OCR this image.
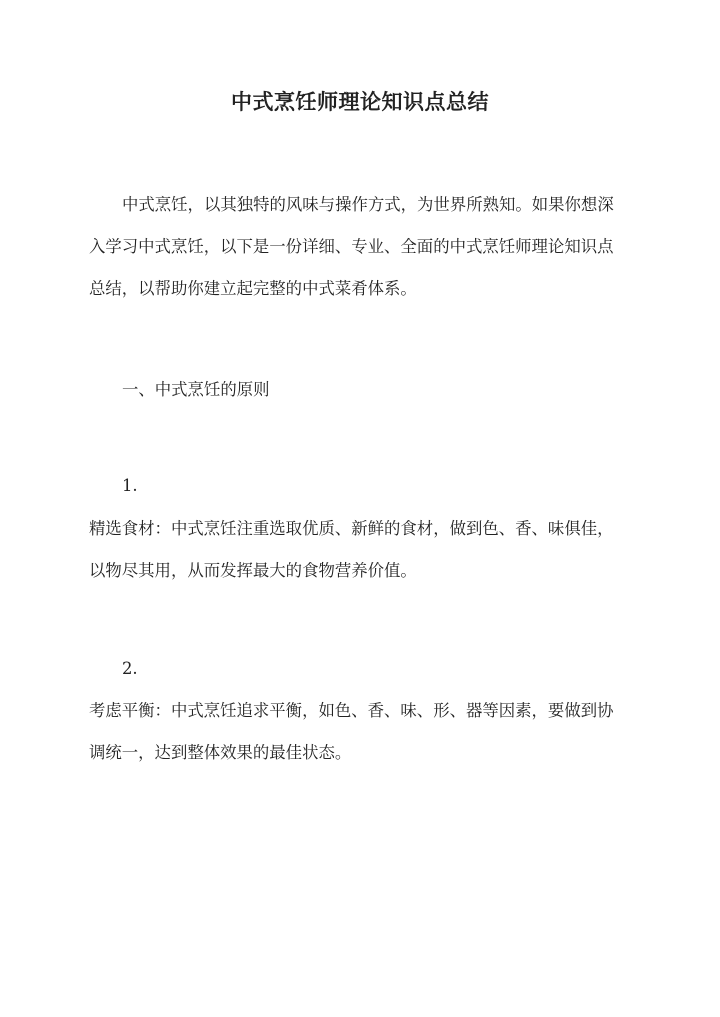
中式烹饪师理论知识点总结

中式烹饪，以其独特的风味与操作方式，为世界所熟知。如果你想深
入学习中式烹饪，以下是一份详细、专业、全面的中式烹饪师理论知识点
总结，以帮助你建立起完整的中式菜肴体系。

一、中式烹饪的原则

1.

精选食材：中式烹饪注重选取优质、新鲜的食材，做到色、香、味俱佳，
以物尽其用，从而发挥最大的食物营养价值。

2.

考虑平衡：中式烹饪追求平衡，如色、香、味、形、器等因素，要做到协
调统一，达到整体效果的最佳状态。
